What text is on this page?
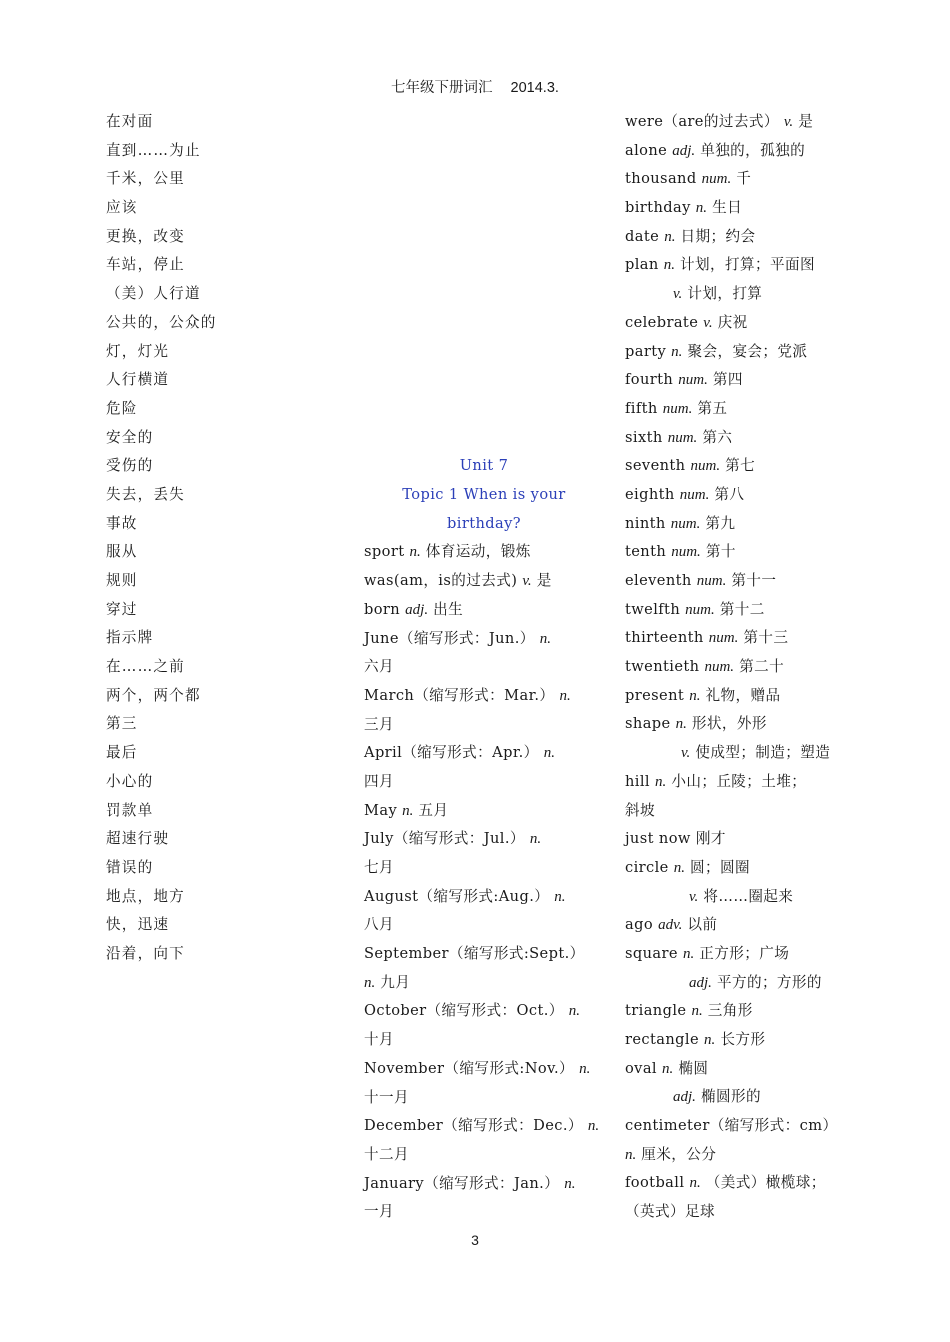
七年级下册词汇 2014.3.
在对面
直到……为止
千米，公里
应该
更换，改变
车站，停止
（美）人行道
公共的，公众的
灯，灯光
人行横道
危险
安全的
受伤的
失去，丢失
事故
服从
规则
穿过
指示牌
在……之前
两个，两个都
第三
最后
小心的
罚款单
超速行驶
错误的
地点，地方
快，迅速
沿着，向下
Unit 7
Topic 1 When is your
birthday?
sport n. 体育运动，锻炼
was(am，is的过去式) v. 是
born adj. 出生
June（缩写形式：Jun.） n.
六月
March（缩写形式：Mar.） n.
三月
April（缩写形式：Apr.） n.
四月
May n. 五月
July（缩写形式：Jul.） n.
七月
August（缩写形式:Aug.） n.
八月
September（缩写形式:Sept.）
n. 九月
October（缩写形式：Oct.） n.
十月
November（缩写形式:Nov.） n.
十一月
December（缩写形式：Dec.） n.
十二月
January（缩写形式：Jan.） n.
一月
were（are的过去式） v. 是
alone adj. 单独的，孤独的
thousand num. 千
birthday n. 生日
date n. 日期；约会
plan n. 计划，打算；平面图
v. 计划，打算
celebrate v. 庆祝
party n. 聚会，宴会；党派
fourth num. 第四
fifth num. 第五
sixth num. 第六
seventh num. 第七
eighth num. 第八
ninth num. 第九
tenth num. 第十
eleventh num. 第十一
twelfth num. 第十二
thirteenth num. 第十三
twentieth num. 第二十
present n. 礼物，赠品
shape n. 形状，外形
v. 使成型；制造；塑造
hill n. 小山；丘陵；土堆；
斜坡
just now 刚才
circle n. 圆；圆圈
v. 将……圈起来
ago adv. 以前
square n. 正方形；广场
adj. 平方的；方形的
triangle n. 三角形
rectangle n. 长方形
oval n. 椭圆
adj. 椭圆形的
centimeter（缩写形式：cm）
n. 厘米，公分
football n. （美式）橄榄球；
（英式）足球
3
